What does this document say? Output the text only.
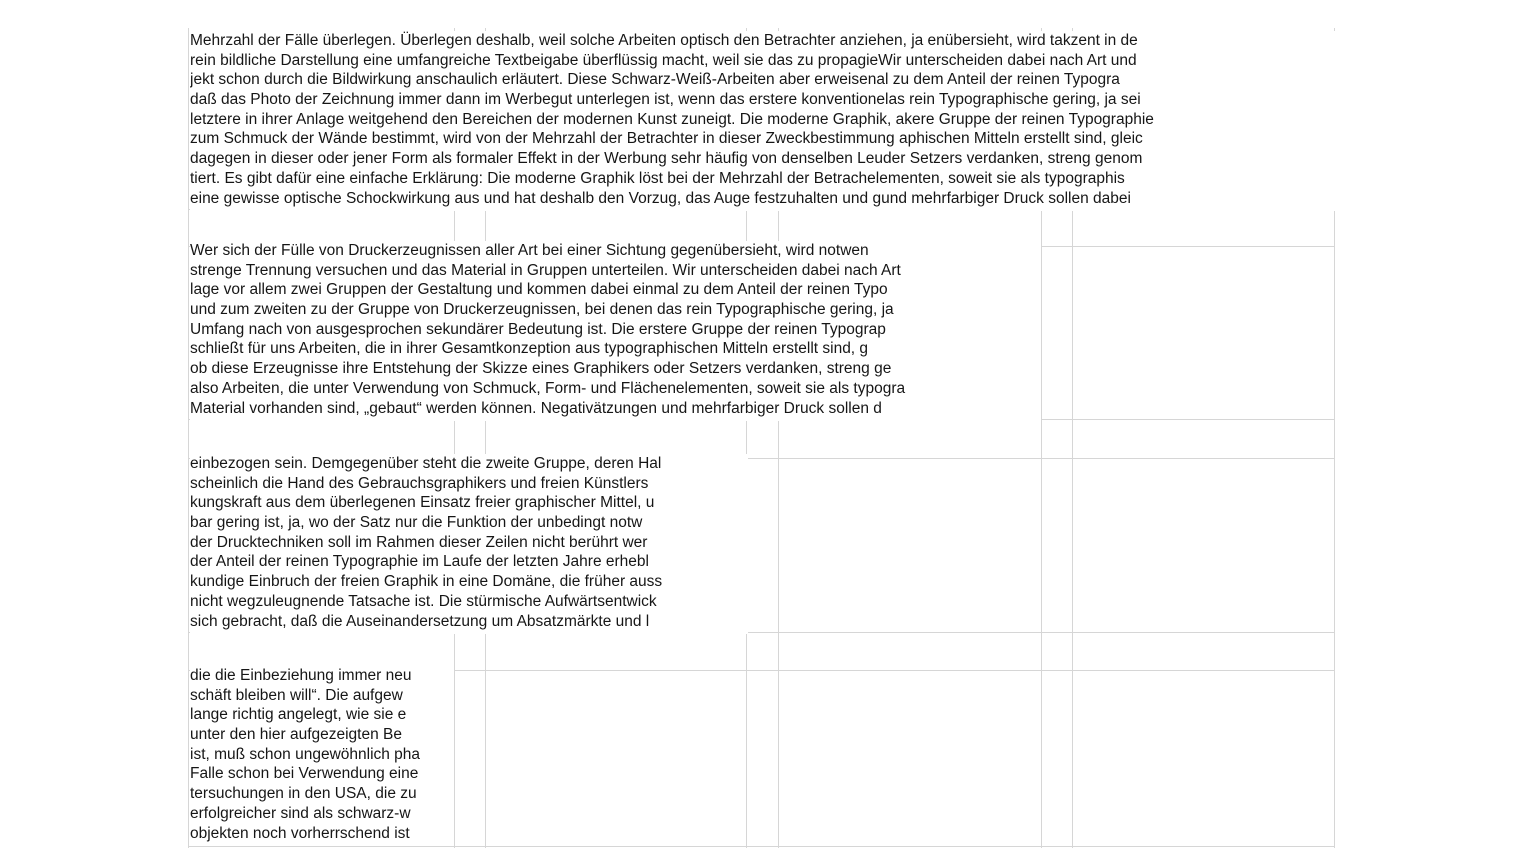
Mehrzahl der Fälle überlegen. Überlegen deshalb, weil solche Arbeiten optisch den Betrachter anziehen, ja enübersieht, wird takzent in de
rein bildliche Darstellung eine umfangreiche Textbeigabe überflüssig macht, weil sie das zu propagieWir unterscheiden dabei nach Art und
jekt schon durch die Bildwirkung anschaulich erläutert. Diese Schwarz-Weiß-Arbeiten aber erweisenal zu dem Anteil der reinen Typogra
daß das Photo der Zeichnung immer dann im Werbegut unterlegen ist, wenn das erstere konventionelas rein Typographische gering, ja sei
letztere in ihrer Anlage weitgehend den Bereichen der modernen Kunst zuneigt. Die moderne Graphik, akere Gruppe der reinen Typographie
zum Schmuck der Wände bestimmt, wird von der Mehrzahl der Betrachter in dieser Zweckbestimmung aphischen Mitteln erstellt sind, gleic
dagegen in dieser oder jener Form als formaler Effekt in der Werbung sehr häufig von denselben Leuder Setzers verdanken, streng genom
tiert. Es gibt dafür eine einfache Erklärung: Die moderne Graphik löst bei der Mehrzahl der Betrachelementen, soweit sie als typographis
eine gewisse optische Schockwirkung aus und hat deshalb den Vorzug, das Auge festzuhalten und gund mehrfarbiger Druck sollen dabei
Wer sich der Fülle von Druckerzeugnissen aller Art bei einer Sichtung gegenübersieht, wird notwen
strenge Trennung versuchen und das Material in Gruppen unterteilen. Wir unterscheiden dabei nach Art
lage vor allem zwei Gruppen der Gestaltung und kommen dabei einmal zu dem Anteil der reinen Typo
und zum zweiten zu der Gruppe von Druckerzeugnissen, bei denen das rein Typographische gering, ja
Umfang nach von ausgesprochen sekundärer Bedeutung ist. Die erstere Gruppe der reinen Typograp
schließt für uns Arbeiten, die in ihrer Gesamtkonzeption aus typographischen Mitteln erstellt sind, g
ob diese Erzeugnisse ihre Entstehung der Skizze eines Graphikers oder Setzers verdanken, streng ge
also Arbeiten, die unter Verwendung von Schmuck, Form- und Flächenelementen, soweit sie als typogra
Material vorhanden sind, „gebaut“ werden können. Negativätzungen und mehrfarbiger Druck sollen d
einbezogen sein. Demgegenüber steht die zweite Gruppe, deren Hal
scheinlich die Hand des Gebrauchsgraphikers und freien Künstlers
kungskraft aus dem überlegenen Einsatz freier graphischer Mittel, u
bar gering ist, ja, wo der Satz nur die Funktion der unbedingt notw
der Drucktechniken soll im Rahmen dieser Zeilen nicht berührt wer
der Anteil der reinen Typographie im Laufe der letzten Jahre erhebl
kundige Einbruch der freien Graphik in eine Domäne, die früher auss
nicht wegzuleugnende Tatsache ist. Die stürmische Aufwärtsentwick
sich gebracht, daß die Auseinandersetzung um Absatzmärkte und l
die die Einbeziehung immer neu
schäft bleiben will“. Die aufgew
lange richtig angelegt, wie sie e
unter den hier aufgezeigten Be
ist, muß schon ungewöhnlich pha
Falle schon bei Verwendung eine
tersuchungen in den USA, die zu
erfolgreicher sind als schwarz-w
objekten noch vorherrschend ist
